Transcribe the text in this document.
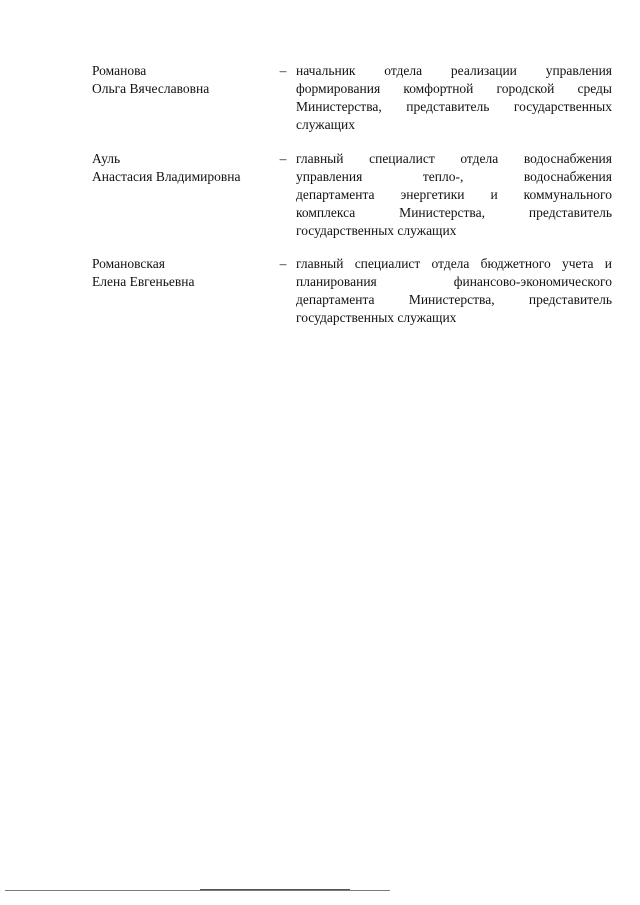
Романова
Ольга Вячеславовна
– начальник отдела реализации управления
формирования комфортной городской среды
Министерства, представитель государственных
служащих
Ауль
Анастасия Владимировна
– главный специалист отдела водоснабжения
управления тепло-, водоснабжения
департамента энергетики и коммунального
комплекса Министерства, представитель
государственных служащих
Романовская
Елена Евгеньевна
– главный специалист отдела бюджетного учета и
планирования финансово-экономического
департамента Министерства, представитель
государственных служащих
